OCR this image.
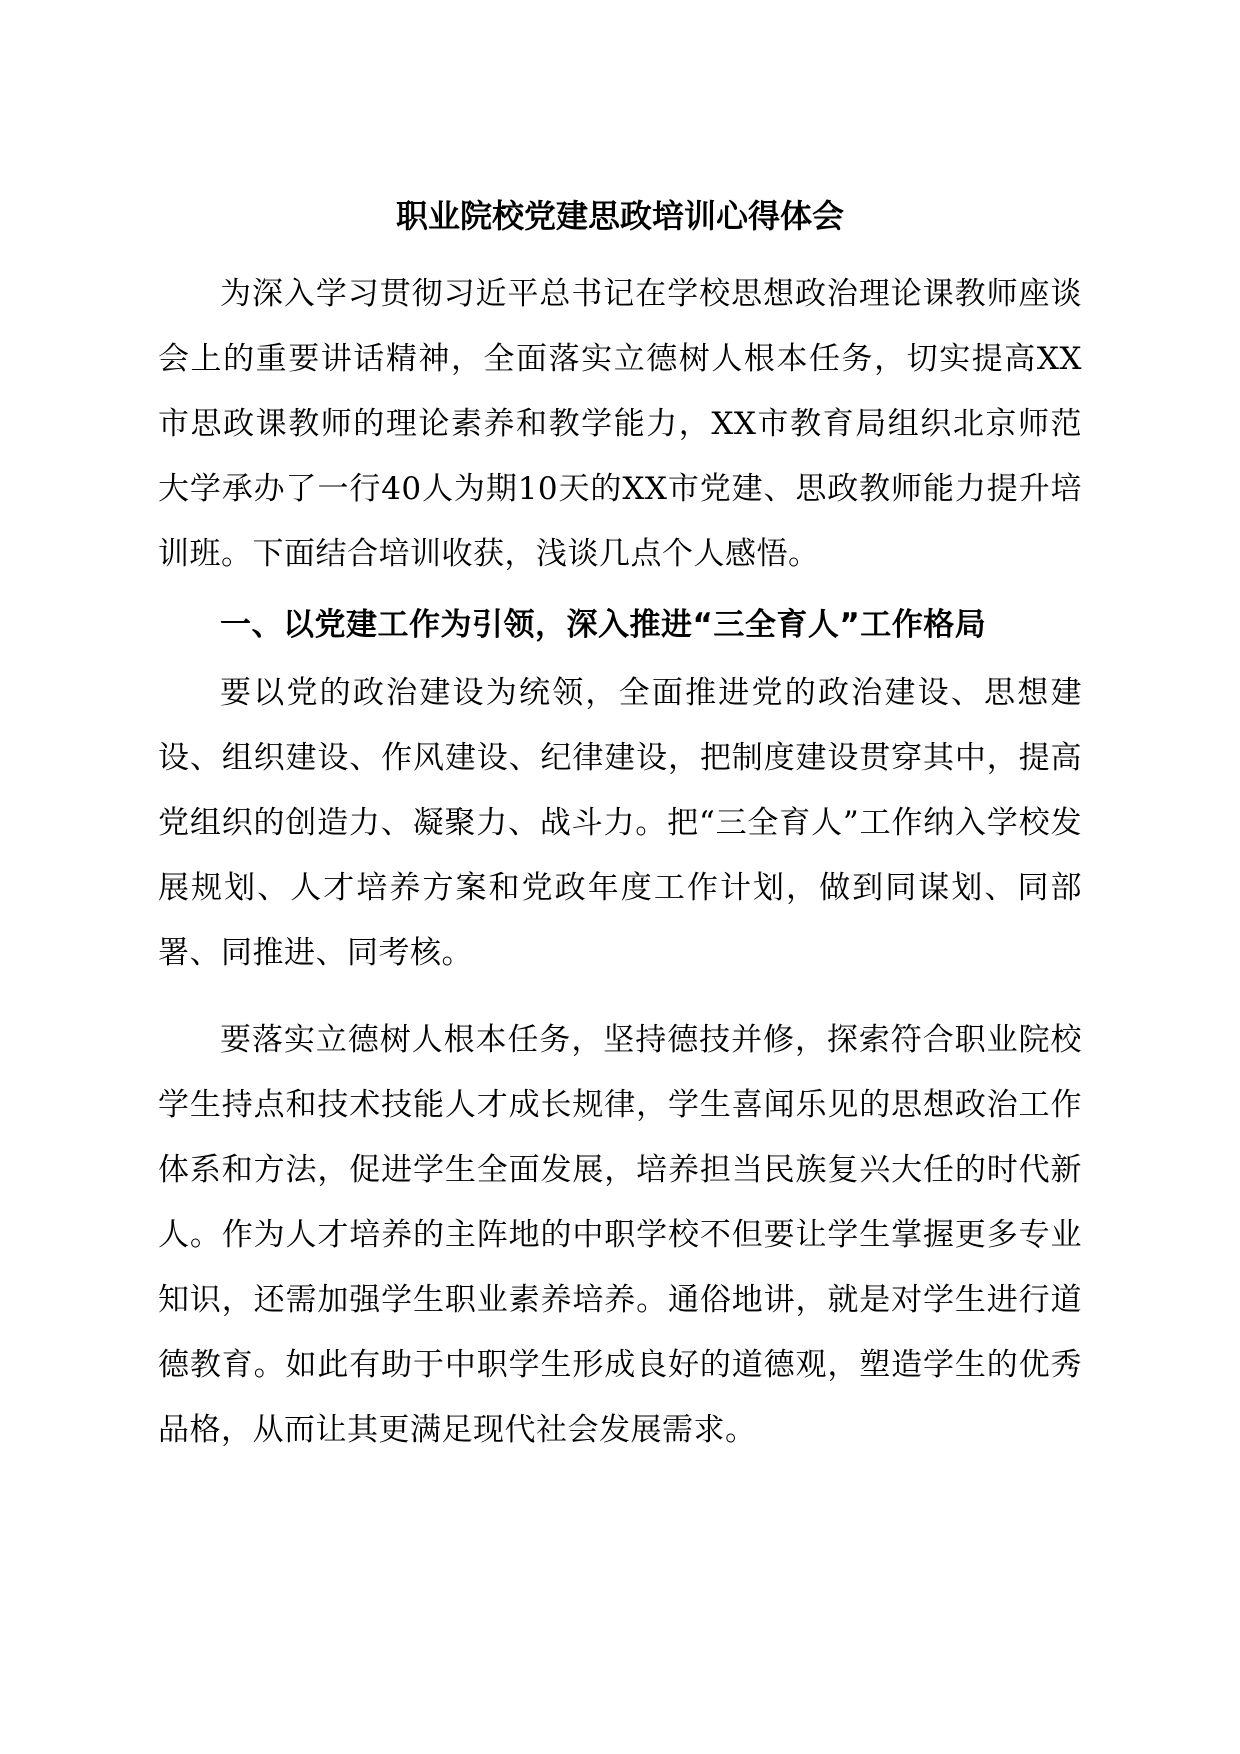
职业院校党建思政培训心得体会

为深入学习贯彻习近平总书记在学校思想政治理论课教师座谈会上的重要讲话精神，全面落实立德树人根本任务，切实提高XX市思政课教师的理论素养和教学能力，XX市教育局组织北京师范大学承办了一行40人为期10天的XX市党建、思政教师能力提升培训班。下面结合培训收获，浅谈几点个人感悟。

一、以党建工作为引领，深入推进“三全育人”工作格局

要以党的政治建设为统领，全面推进党的政治建设、思想建设、组织建设、作风建设、纪律建设，把制度建设贯穿其中，提高党组织的创造力、凝聚力、战斗力。把“三全育人”工作纳入学校发展规划、人才培养方案和党政年度工作计划，做到同谋划、同部署、同推进、同考核。

要落实立德树人根本任务，坚持德技并修，探索符合职业院校学生持点和技术技能人才成长规律，学生喜闻乐见的思想政治工作体系和方法，促进学生全面发展，培养担当民族复兴大任的时代新人。作为人才培养的主阵地的中职学校不但要让学生掌握更多专业知识，还需加强学生职业素养培养。通俗地讲，就是对学生进行道德教育。如此有助于中职学生形成良好的道德观，塑造学生的优秀品格，从而让其更满足现代社会发展需求。
